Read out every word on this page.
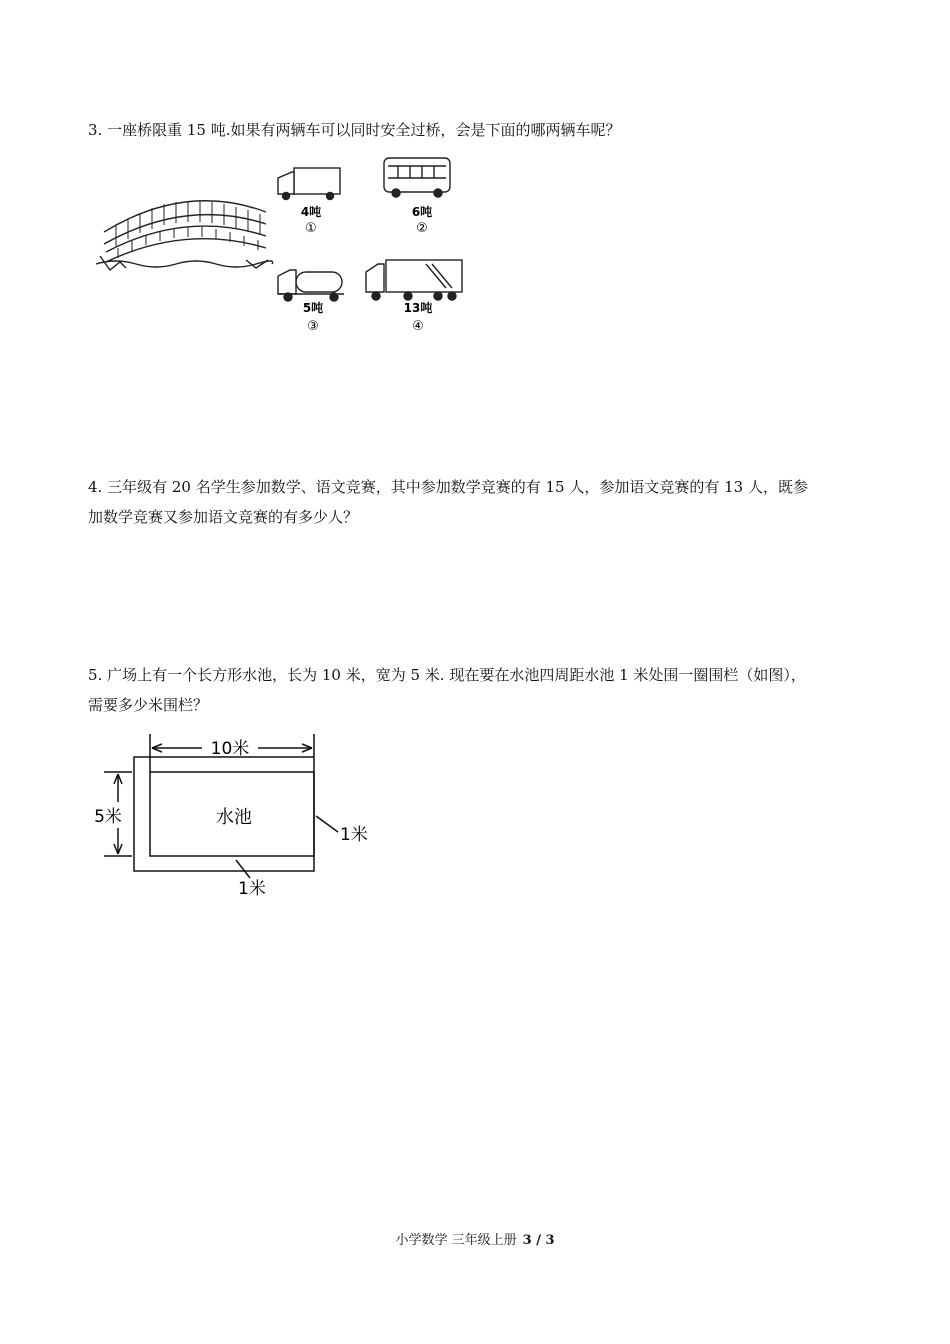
3. 一座桥限重 15 吨.如果有两辆车可以同时安全过桥，会是下面的哪两辆车呢？

4吨
①
6吨
②
5吨
③
13吨
④

4. 三年级有 20 名学生参加数学、语文竞赛，其中参加数学竞赛的有 15 人，参加语文竞赛的有 13 人，既参
加数学竞赛又参加语文竞赛的有多少人？

5. 广场上有一个长方形水池，长为 10 米，宽为 5 米. 现在要在水池四周距水池 1 米处围一圈围栏（如图），
需要多少米围栏？

10米
5米	水池
1米
1米
小学数学 三年级上册 3 / 3
